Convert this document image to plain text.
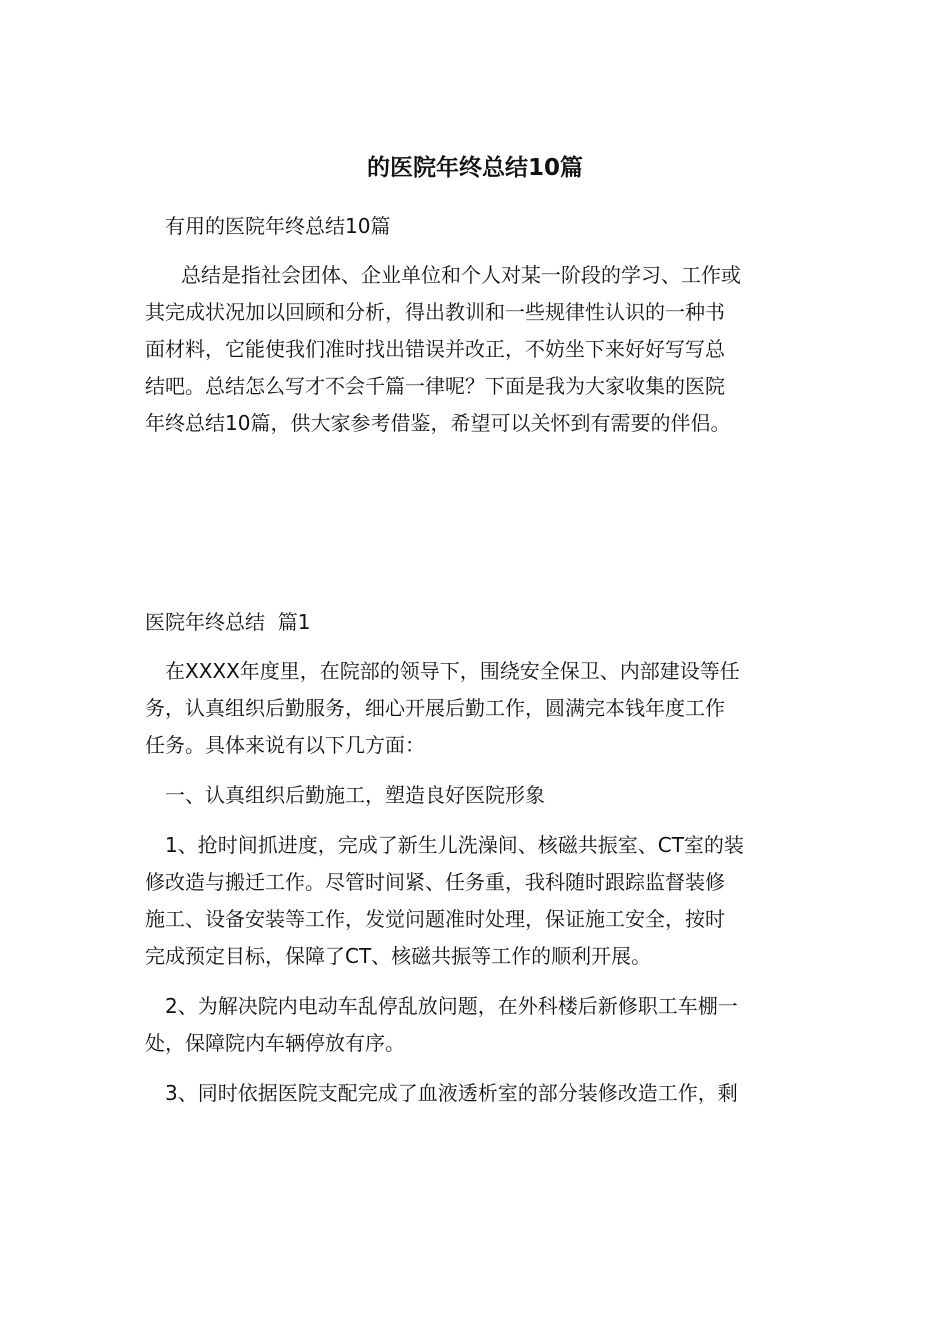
的医院年终总结10篇
有用的医院年终总结10篇

总结是指社会团体、企业单位和个人对某一阶段的学习、工作或

其完成状况加以回顾和分析，得出教训和一些规律性认识的一种书

面材料，它能使我们准时找出错误并改正，不妨坐下来好好写写总

结吧。总结怎么写才不会千篇一律呢？下面是我为大家收集的医院

年终总结10篇，供大家参考借鉴，希望可以关怀到有需要的伴侣。

医院年终总结  篇1

在XXXX年度里，在院部的领导下，围绕安全保卫、内部建设等任

务，认真组织后勤服务，细心开展后勤工作，圆满完本钱年度工作

任务。具体来说有以下几方面：

一、认真组织后勤施工，塑造良好医院形象

1、抢时间抓进度，完成了新生儿洗澡间、核磁共振室、CT室的装

修改造与搬迁工作。尽管时间紧、任务重，我科随时跟踪监督装修

施工、设备安装等工作，发觉问题准时处理，保证施工安全，按时

完成预定目标，保障了CT、核磁共振等工作的顺利开展。

2、为解决院内电动车乱停乱放问题，在外科楼后新修职工车棚一

处，保障院内车辆停放有序。

3、同时依据医院支配完成了血液透析室的部分装修改造工作，剩
